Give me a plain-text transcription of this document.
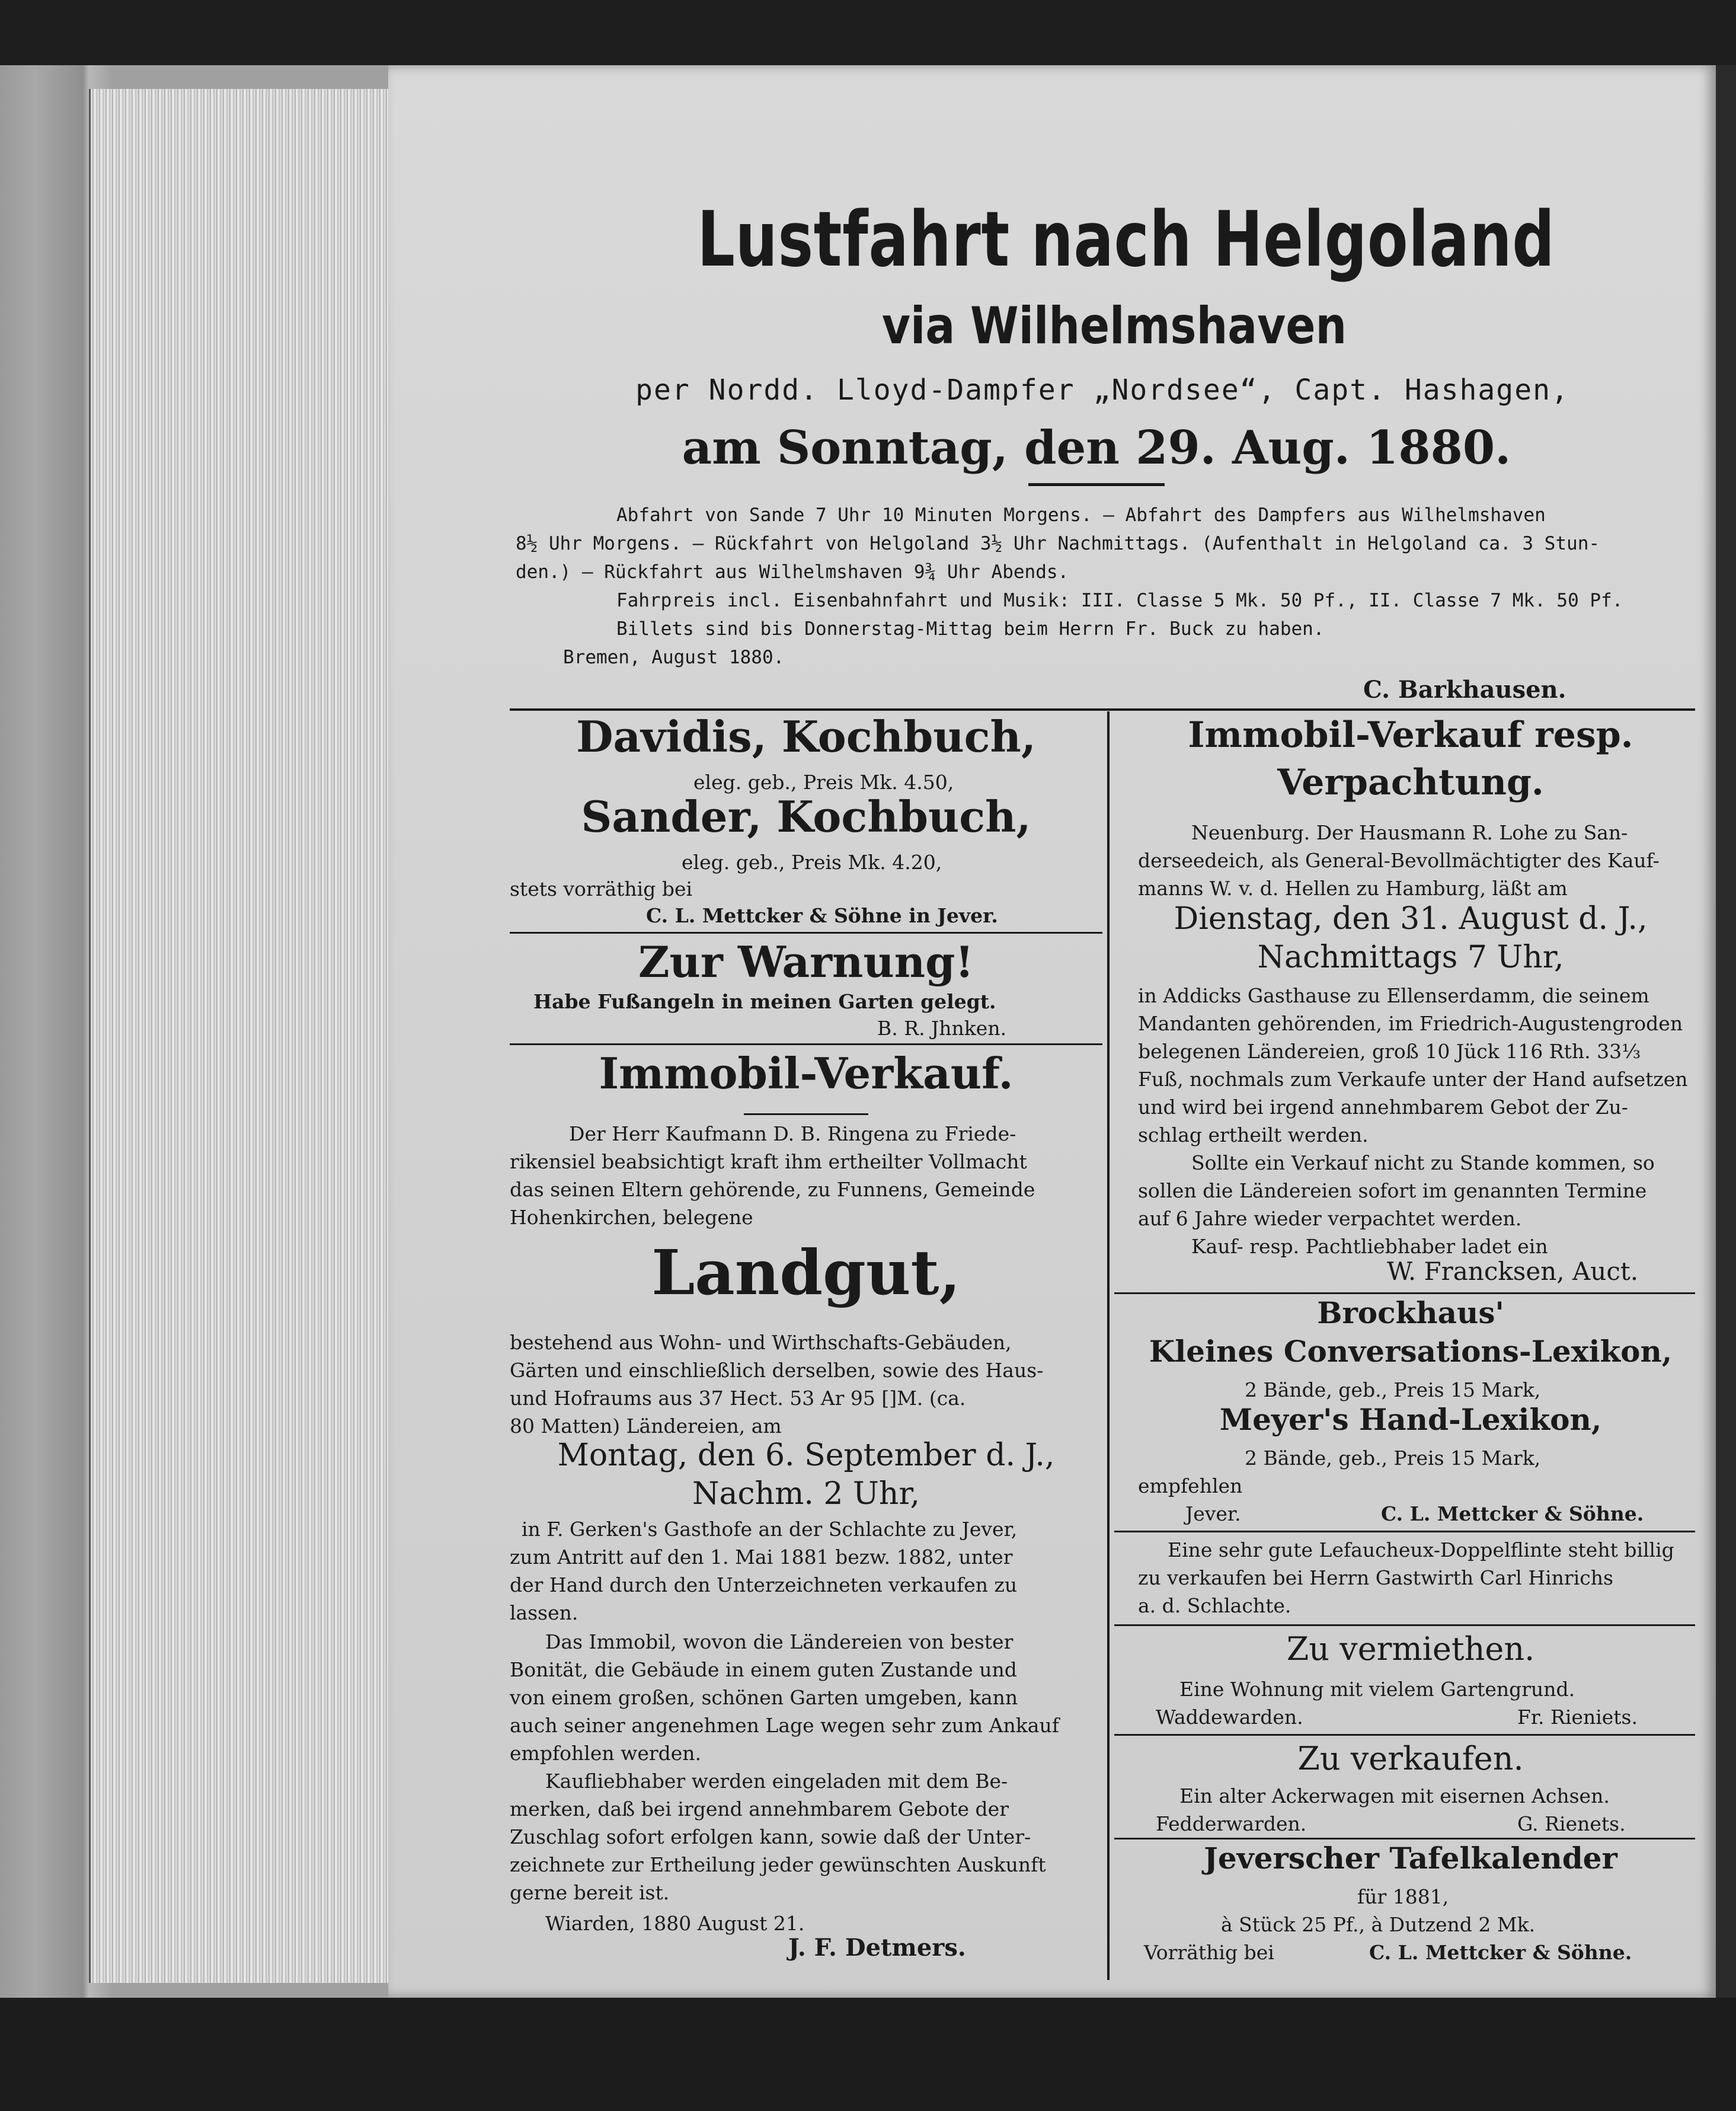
Lustfahrt nach Helgoland
via Wilhelmshaven
per Nordd. Lloyd-Dampfer „Nordsee“, Capt. Hashagen,
am Sonntag, den 29. Aug. 1880.
Abfahrt von Sande 7 Uhr 10 Minuten Morgens. — Abfahrt des Dampfers aus Wilhelmshaven
8½ Uhr Morgens. — Rückfahrt von Helgoland 3½ Uhr Nachmittags. (Aufenthalt in Helgoland ca. 3 Stun-
den.) — Rückfahrt aus Wilhelmshaven 9¾ Uhr Abends.
Fahrpreis incl. Eisenbahnfahrt und Musik: III. Classe 5 Mk. 50 Pf., II. Classe 7 Mk. 50 Pf.
Billets sind bis Donnerstag-Mittag beim Herrn Fr. Buck zu haben.
Bremen, August 1880.
C. Barkhausen.
Davidis, Kochbuch,
eleg. geb., Preis Mk. 4.50,
Sander, Kochbuch,
eleg. geb., Preis Mk. 4.20,
stets vorräthig bei
C. L. Mettcker & Söhne in Jever.
Zur Warnung!
Habe Fußangeln in meinen Garten gelegt.
B. R. Jhnken.
Immobil-Verkauf.
Der Herr Kaufmann D. B. Ringena zu Friede-
rikensiel beabsichtigt kraft ihm ertheilter Vollmacht
das seinen Eltern gehörende, zu Funnens, Gemeinde
Hohenkirchen, belegene
Landgut,
bestehend aus Wohn- und Wirthschafts-Gebäuden,
Gärten und einschließlich derselben, sowie des Haus-
und Hofraums aus 37 Hect. 53 Ar 95 []M. (ca.
80 Matten) Ländereien, am
Montag, den 6. September d. J.,
Nachm. 2 Uhr,
in F. Gerken's Gasthofe an der Schlachte zu Jever,
zum Antritt auf den 1. Mai 1881 bezw. 1882, unter
der Hand durch den Unterzeichneten verkaufen zu
lassen.
Das Immobil, wovon die Ländereien von bester
Bonität, die Gebäude in einem guten Zustande und
von einem großen, schönen Garten umgeben, kann
auch seiner angenehmen Lage wegen sehr zum Ankauf
empfohlen werden.
Kaufliebhaber werden eingeladen mit dem Be-
merken, daß bei irgend annehmbarem Gebote der
Zuschlag sofort erfolgen kann, sowie daß der Unter-
zeichnete zur Ertheilung jeder gewünschten Auskunft
gerne bereit ist.
Wiarden, 1880 August 21.
J. F. Detmers.
Immobil-Verkauf resp.
Verpachtung.
Neuenburg. Der Hausmann R. Lohe zu San-
derseedeich, als General-Bevollmächtigter des Kauf-
manns W. v. d. Hellen zu Hamburg, läßt am
Dienstag, den 31. August d. J.,
Nachmittags 7 Uhr,
in Addicks Gasthause zu Ellenserdamm, die seinem
Mandanten gehörenden, im Friedrich-Augustengroden
belegenen Ländereien, groß 10 Jück 116 Rth. 33⅓
Fuß, nochmals zum Verkaufe unter der Hand aufsetzen
und wird bei irgend annehmbarem Gebot der Zu-
schlag ertheilt werden.
Sollte ein Verkauf nicht zu Stande kommen, so
sollen die Ländereien sofort im genannten Termine
auf 6 Jahre wieder verpachtet werden.
Kauf- resp. Pachtliebhaber ladet ein
W. Francksen, Auct.
Brockhaus'
Kleines Conversations-Lexikon,
2 Bände, geb., Preis 15 Mark,
Meyer's Hand-Lexikon,
2 Bände, geb., Preis 15 Mark,
empfehlen
Jever.	C. L. Mettcker & Söhne.
Eine sehr gute Lefaucheux-Doppelflinte steht billig
zu verkaufen bei Herrn Gastwirth Carl Hinrichs
a. d. Schlachte.
Zu vermiethen.
Eine Wohnung mit vielem Gartengrund.
Waddewarden.	Fr. Rieniets.
Zu verkaufen.
Ein alter Ackerwagen mit eisernen Achsen.
Fedderwarden.	G. Rienets.
Jeverscher Tafelkalender
für 1881,
à Stück 25 Pf., à Dutzend 2 Mk.
Vorräthig bei	C. L. Mettcker & Söhne.
